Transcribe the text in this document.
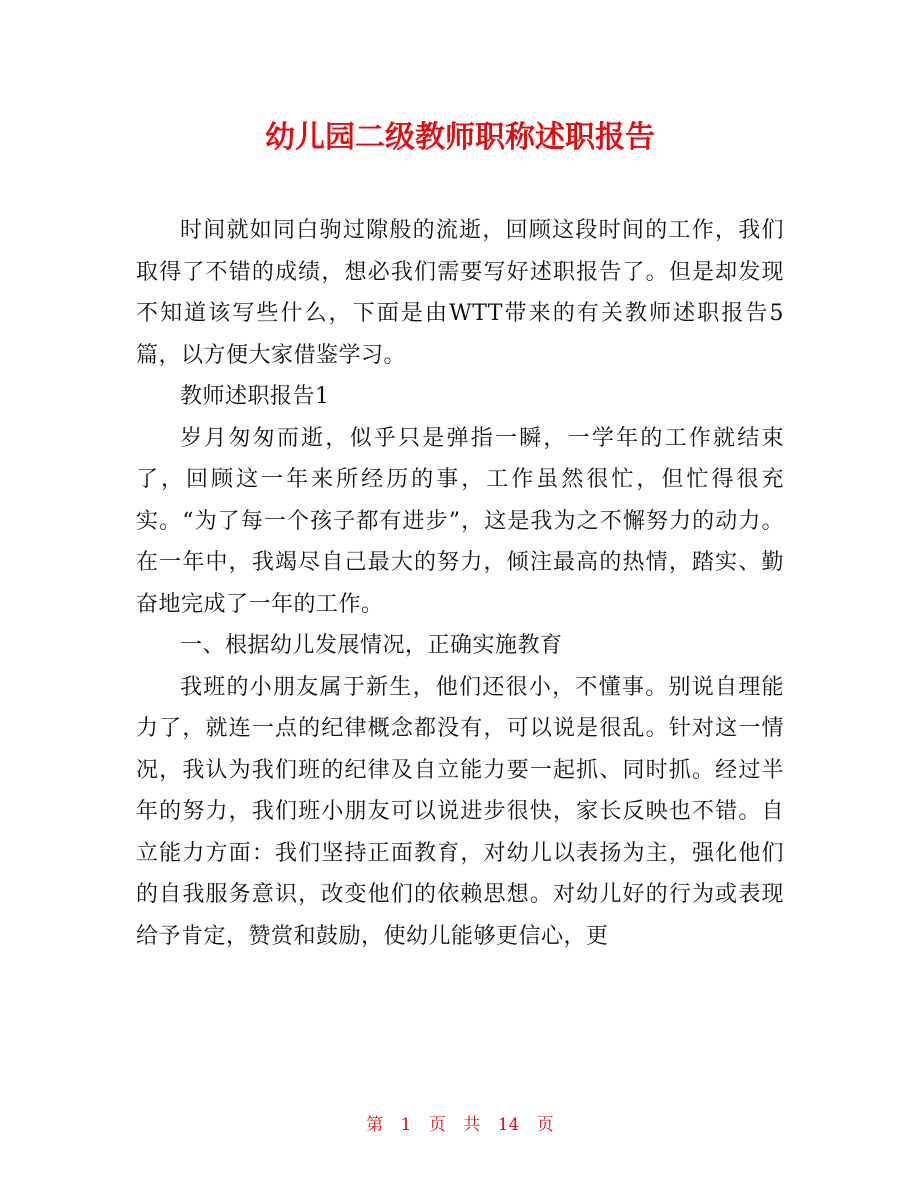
幼儿园二级教师职称述职报告

时间就如同白驹过隙般的流逝，回顾这段时间的工作，我们取得了不错的成绩，想必我们需要写好述职报告了。但是却发现不知道该写些什么，下面是由WTT带来的有关教师述职报告5篇，以方便大家借鉴学习。

教师述职报告1

岁月匆匆而逝，似乎只是弹指一瞬，一学年的工作就结束了，回顾这一年来所经历的事，工作虽然很忙，但忙得很充实。“为了每一个孩子都有进步”，这是我为之不懈努力的动力。在一年中，我竭尽自己最大的努力，倾注最高的热情，踏实、勤奋地完成了一年的工作。

一、根据幼儿发展情况，正确实施教育

我班的小朋友属于新生，他们还很小，不懂事。别说自理能力了，就连一点的纪律概念都没有，可以说是很乱。针对这一情况，我认为我们班的纪律及自立能力要一起抓、同时抓。经过半年的努力，我们班小朋友可以说进步很快，家长反映也不错。自立能力方面：我们坚持正面教育，对幼儿以表扬为主，强化他们的自我服务意识，改变他们的依赖思想。对幼儿好的行为或表现给予肯定，赞赏和鼓励，使幼儿能够更信心，更

第 1 页 共 14 页
